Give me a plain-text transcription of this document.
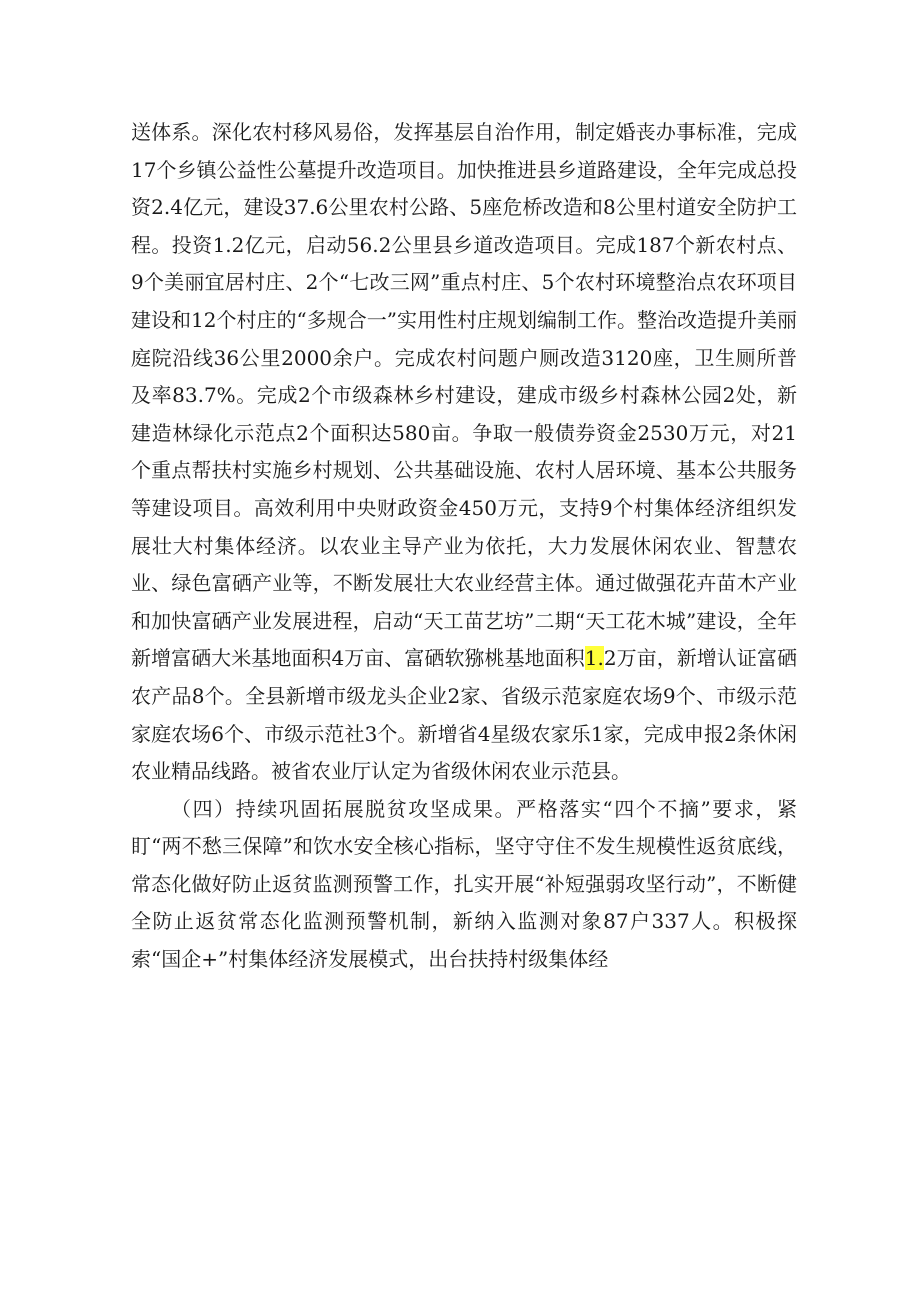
送体系。深化农村移风易俗，发挥基层自治作用，制定婚丧办事标准，完成17个乡镇公益性公墓提升改造项目。加快推进县乡道路建设，全年完成总投资2.4亿元，建设37.6公里农村公路、5座危桥改造和8公里村道安全防护工程。投资1.2亿元，启动56.2公里县乡道改造项目。完成187个新农村点、9个美丽宜居村庄、2个“七改三网”重点村庄、5个农村环境整治点农环项目建设和12个村庄的“多规合一”实用性村庄规划编制工作。整治改造提升美丽庭院沿线36公里2000余户。完成农村问题户厕改造3120座，卫生厕所普及率83.7%。完成2个市级森林乡村建设，建成市级乡村森林公园2处，新建造林绿化示范点2个面积达580亩。争取一般债券资金2530万元，对21个重点帮扶村实施乡村规划、公共基础设施、农村人居环境、基本公共服务等建设项目。高效利用中央财政资金450万元，支持9个村集体经济组织发展壮大村集体经济。以农业主导产业为依托，大力发展休闲农业、智慧农业、绿色富硒产业等，不断发展壮大农业经营主体。通过做强花卉苗木产业和加快富硒产业发展进程，启动“天工苗艺坊”二期“天工花木城”建设，全年新增富硒大米基地面积4万亩、富硒软猕桃基地面积1.2万亩，新增认证富硒农产品8个。全县新增市级龙头企业2家、省级示范家庭农场9个、市级示范家庭农场6个、市级示范社3个。新增省4星级农家乐1家，完成申报2条休闲农业精品线路。被省农业厅认定为省级休闲农业示范县。

（四）持续巩固拓展脱贫攻坚成果。严格落实“四个不摘”要求，紧盯“两不愁三保障”和饮水安全核心指标，坚守守住不发生规模性返贫底线，常态化做好防止返贫监测预警工作，扎实开展“补短强弱攻坚行动”，不断健全防止返贫常态化监测预警机制，新纳入监测对象87户337人。积极探索“国企+”村集体经济发展模式，出台扶持村级集体经
